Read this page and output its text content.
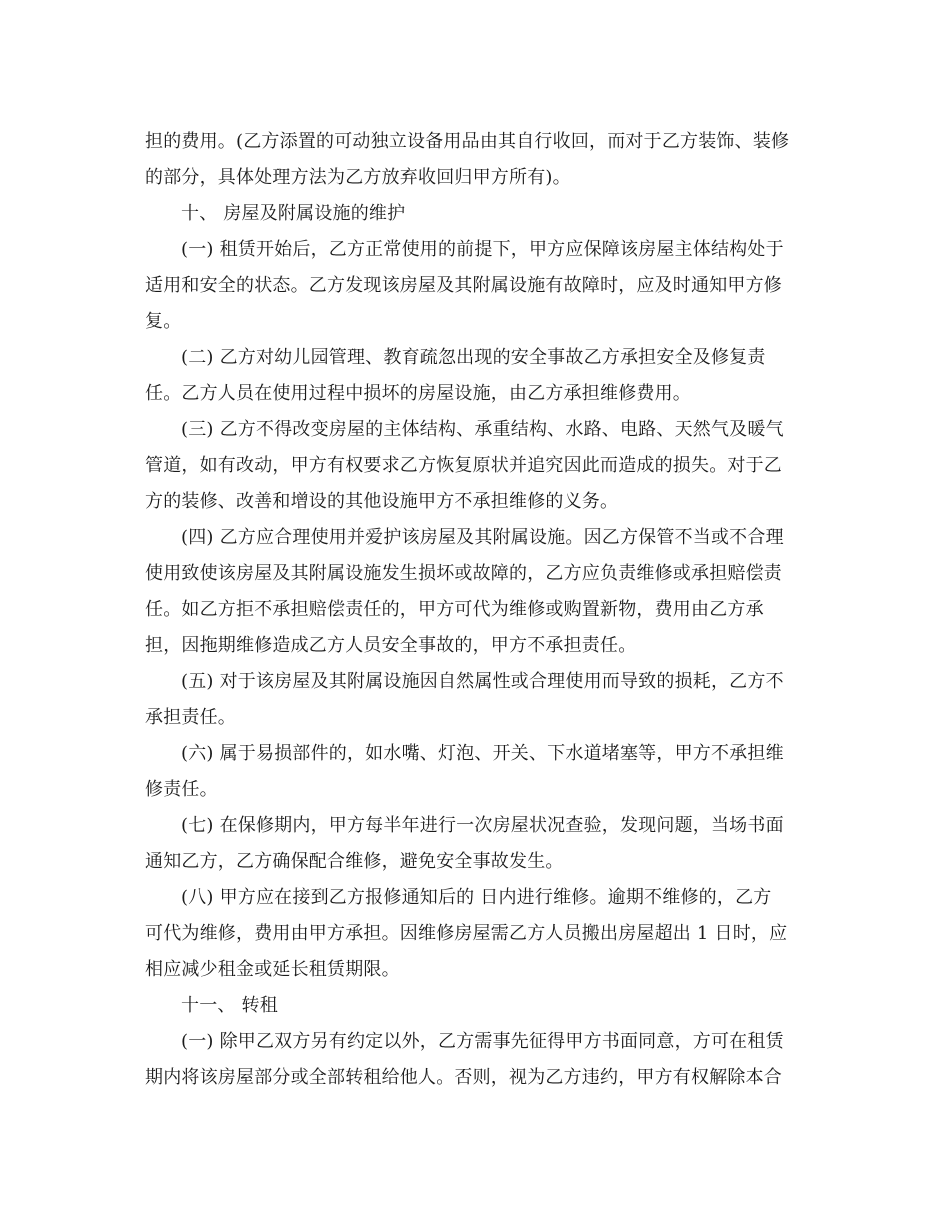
担的费用。(乙方添置的可动独立设备用品由其自行收回，而对于乙方装饰、装修
的部分，具体处理方法为乙方放弃收回归甲方所有)。
十、 房屋及附属设施的维护
(一) 租赁开始后，乙方正常使用的前提下，甲方应保障该房屋主体结构处于
适用和安全的状态。乙方发现该房屋及其附属设施有故障时，应及时通知甲方修
复。
(二) 乙方对幼儿园管理、教育疏忽出现的安全事故乙方承担安全及修复责
任。乙方人员在使用过程中损坏的房屋设施，由乙方承担维修费用。
(三) 乙方不得改变房屋的主体结构、承重结构、水路、电路、天然气及暖气
管道，如有改动，甲方有权要求乙方恢复原状并追究因此而造成的损失。对于乙
方的装修、改善和增设的其他设施甲方不承担维修的义务。
(四) 乙方应合理使用并爱护该房屋及其附属设施。因乙方保管不当或不合理
使用致使该房屋及其附属设施发生损坏或故障的，乙方应负责维修或承担赔偿责
任。如乙方拒不承担赔偿责任的，甲方可代为维修或购置新物，费用由乙方承
担，因拖期维修造成乙方人员安全事故的，甲方不承担责任。
(五) 对于该房屋及其附属设施因自然属性或合理使用而导致的损耗，乙方不
承担责任。
(六) 属于易损部件的，如水嘴、灯泡、开关、下水道堵塞等，甲方不承担维
修责任。
(七) 在保修期内，甲方每半年进行一次房屋状况查验，发现问题，当场书面
通知乙方，乙方确保配合维修，避免安全事故发生。
(八) 甲方应在接到乙方报修通知后的 日内进行维修。逾期不维修的，乙方
可代为维修，费用由甲方承担。因维修房屋需乙方人员搬出房屋超出 1 日时，应
相应减少租金或延长租赁期限。
十一、 转租
(一) 除甲乙双方另有约定以外，乙方需事先征得甲方书面同意，方可在租赁
期内将该房屋部分或全部转租给他人。否则，视为乙方违约，甲方有权解除本合
